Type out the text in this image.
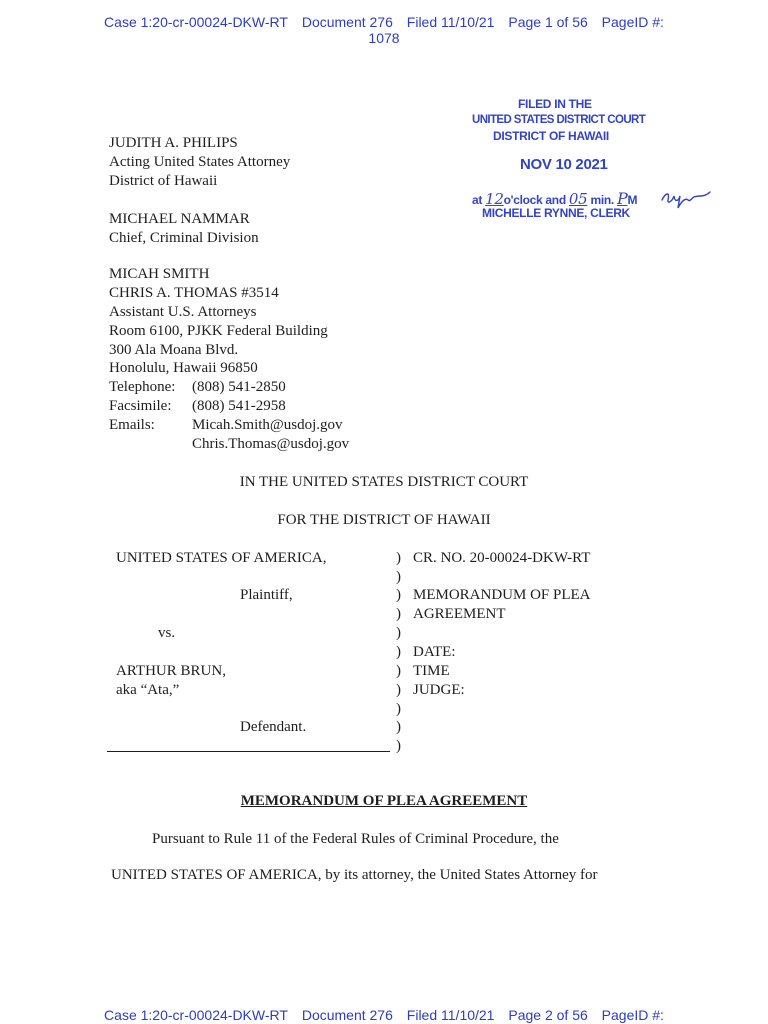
Case 1:20-cr-00024-DKW-RT Document 276 Filed 11/10/21 Page 1 of 56 PageID #:
1078
FILED IN THE
UNITED STATES DISTRICT COURT
DISTRICT OF HAWAII
NOV 10 2021
at 12o'clock and 05 min. PM
MICHELLE RYNNE, CLERK
JUDITH A. PHILIPS
Acting United States Attorney
District of Hawaii
MICHAEL NAMMAR
Chief, Criminal Division
MICAH SMITH
CHRIS A. THOMAS #3514
Assistant U.S. Attorneys
Room 6100, PJKK Federal Building
300 Ala Moana Blvd.
Honolulu, Hawaii 96850
Telephone: (808) 541-2850
Facsimile: (808) 541-2958
Emails: Micah.Smith@usdoj.gov
Chris.Thomas@usdoj.gov
IN THE UNITED STATES DISTRICT COURT
FOR THE DISTRICT OF HAWAII
UNITED STATES OF AMERICA,
Plaintiff,
vs.
ARTHUR BRUN,
aka “Ata,”
Defendant.
)
)
)
)
)
)
)
)
)
)
)
CR. NO. 20-00024-DKW-RT
MEMORANDUM OF PLEA
AGREEMENT
DATE:
TIME
JUDGE:
MEMORANDUM OF PLEA AGREEMENT
Pursuant to Rule 11 of the Federal Rules of Criminal Procedure, the
UNITED STATES OF AMERICA, by its attorney, the United States Attorney for
Case 1:20-cr-00024-DKW-RT Document 276 Filed 11/10/21 Page 2 of 56 PageID #:
